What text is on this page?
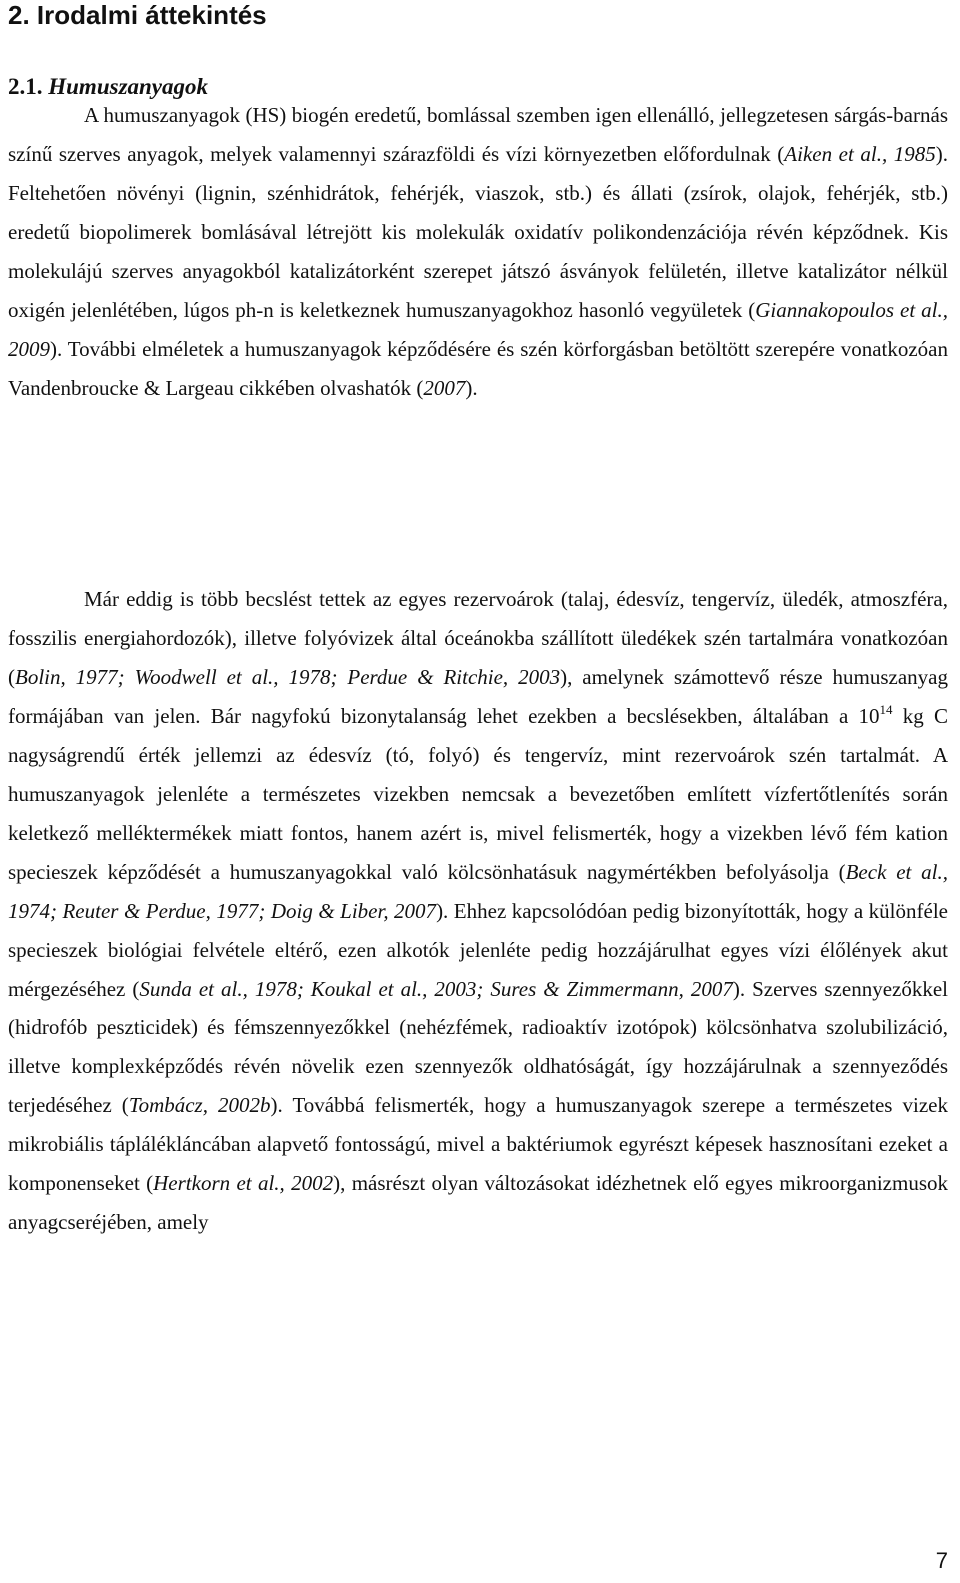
2. Irodalmi áttekintés
2.1. Humuszanyagok

A humuszanyagok (HS) biogén eredetű, bomlással szemben igen ellenálló, jellegzetesen sárgás-barnás színű szerves anyagok, melyek valamennyi szárazföldi és vízi környezetben előfordulnak (Aiken et al., 1985). Feltehetően növényi (lignin, szénhidrátok, fehérjék, viaszok, stb.) és állati (zsírok, olajok, fehérjék, stb.) eredetű biopolimerek bomlásával létrejött kis molekulák oxidatív polikondenzációja révén képződnek. Kis molekulájú szerves anyagokból katalizátorként szerepet játszó ásványok felületén, illetve katalizátor nélkül oxigén jelenlétében, lúgos ph-n is keletkeznek humuszanyagokhoz hasonló vegyületek (Giannakopoulos et al., 2009). További elméletek a humuszanyagok képződésére és szén körforgásban betöltött szerepére vonatkozóan Vandenbroucke & Largeau cikkében olvashatók (2007).

Már eddig is több becslést tettek az egyes rezervoárok (talaj, édesvíz, tengervíz, üledék, atmoszféra, fosszilis energiahordozók), illetve folyóvizek által óceánokba szállított üledékek szén tartalmára vonatkozóan (Bolin, 1977; Woodwell et al., 1978; Perdue & Ritchie, 2003), amelynek számottevő része humuszanyag formájában van jelen. Bár nagyfokú bizonytalanság lehet ezekben a becslésekben, általában a $10^{14}$ kg C nagyságrendű érték jellemzi az édesvíz (tó, folyó) és tengervíz, mint rezervoárok szén tartalmát. A humuszanyagok jelenléte a természetes vizekben nemcsak a bevezetőben említett vízfertőtlenítés során keletkező melléktermékek miatt fontos, hanem azért is, mivel felismerték, hogy a vizekben lévő fém kation specieszek képződését a humuszanyagokkal való kölcsönhatásuk nagymértékben befolyásolja (Beck et al., 1974; Reuter & Perdue, 1977; Doig & Liber, 2007). Ehhez kapcsolódóan pedig bizonyították, hogy a különféle specieszek biológiai felvétele eltérő, ezen alkotók jelenléte pedig hozzájárulhat egyes vízi élőlények akut mérgezéséhez (Sunda et al., 1978; Koukal et al., 2003; Sures & Zimmermann, 2007). Szerves szennyezőkkel (hidrofób peszticidek) és fémszennyezőkkel (nehézfémek, radioaktív izotópok) kölcsönhatva szolubilizáció, illetve komplexképződés révén növelik ezen szennyezők oldhatóságát, így hozzájárulnak a szennyeződés terjedéséhez (Tombácz, 2002b). Továbbá felismerték, hogy a humuszanyagok szerepe a természetes vizek mikrobiális táplálékláncában alapvető fontosságú, mivel a baktériumok egyrészt képesek hasznosítani ezeket a komponenseket (Hertkorn et al., 2002), másrészt olyan változásokat idézhetnek elő egyes mikroorganizmusok anyagcseréjében, amely

7
